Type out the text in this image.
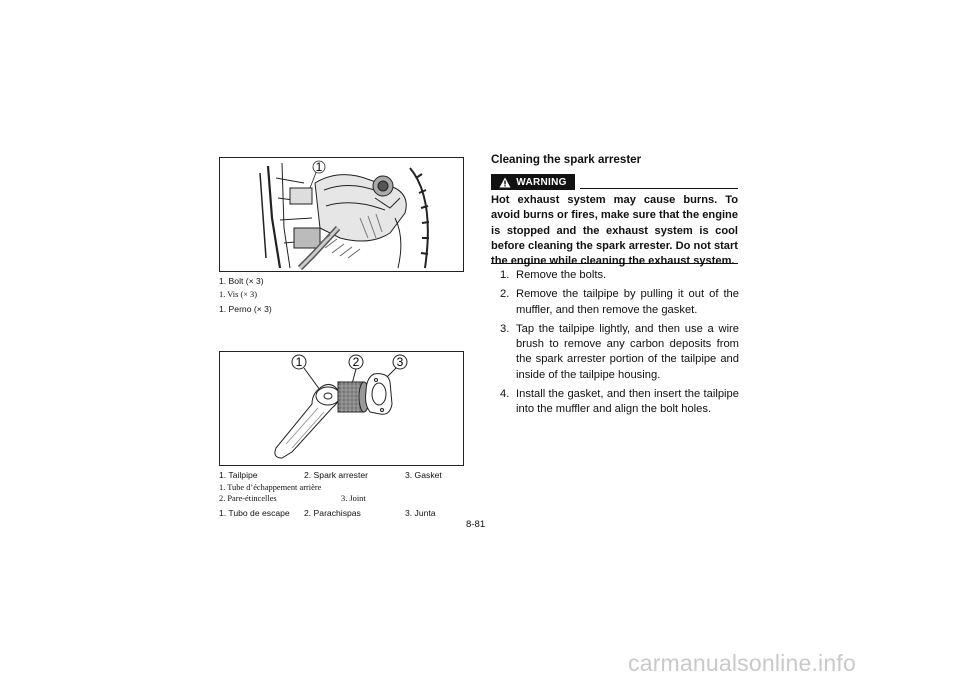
1
1. Bolt (× 3)
1. Vis (× 3)
1. Perno (× 3)
1	2	3
1. Tailpipe	2. Spark arrester	3. Gasket
1. Tube d’échappement arrière
2. Pare-étincelles	3. Joint
1. Tubo de escape 2. Parachispas	3. Junta
Cleaning the spark arrester
WARNING
Hot exhaust system may cause burns. To avoid burns or fires, make sure that the engine is stopped and the exhaust system is cool before cleaning the spark arrester. Do not start the engine while cleaning the exhaust system.
1. Remove the bolts.
2. Remove the tailpipe by pulling it out of the muffler, and then remove the gasket.
3. Tap the tailpipe lightly, and then use a wire brush to remove any carbon deposits from the spark arrester portion of the tailpipe and inside of the tailpipe housing.
4. Install the gasket, and then insert the tailpipe into the muffler and align the bolt holes.
8-81
carmanualsonline.info
